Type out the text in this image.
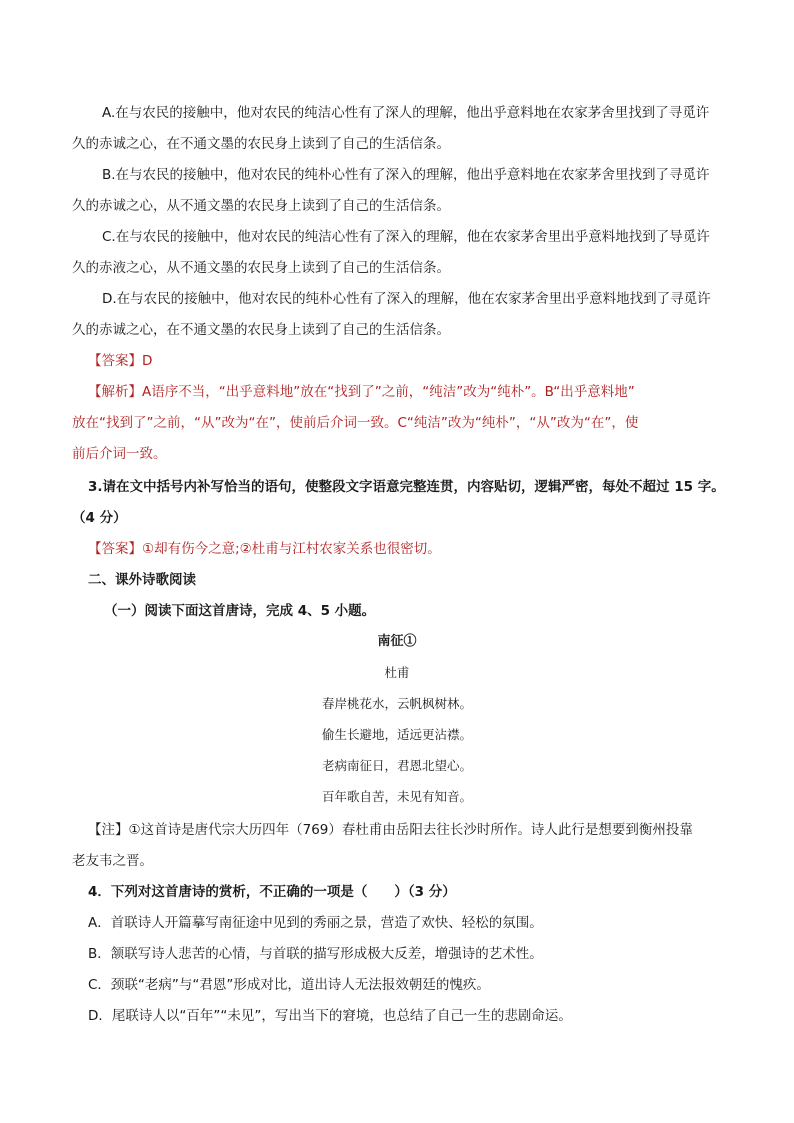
A.在与农民的接触中，他对农民的纯洁心性有了深人的理解，他出乎意料地在农家茅舍里找到了寻觅许
久的赤诚之心，在不通文墨的农民身上读到了自己的生活信条。
B.在与农民的接触中，他对农民的纯朴心性有了深入的理解，他出乎意料地在农家茅舍里找到了寻觅许
久的赤诚之心，从不通文墨的农民身上读到了自己的生活信条。
C.在与农民的接触中，他对农民的纯洁心性有了深入的理解，他在农家茅舍里出乎意料地找到了导觅许
久的赤液之心，从不通文墨的农民身上读到了自己的生活信条。
D.在与农民的接触中，他对农民的纯朴心性有了深入的理解，他在农家茅舍里出乎意料地找到了寻觅许
久的赤诚之心，在不通文墨的农民身上读到了自己的生活信条。
【答案】D
【解析】A语序不当，“出乎意料地”放在“找到了”之前，“纯洁”改为“纯朴”。B“出乎意料地”
放在“找到了”之前，“从”改为“在”，使前后介词一致。C“纯洁”改为“纯朴”，“从”改为“在”，使
前后介词一致。
3.请在文中括号内补写恰当的语句，使整段文字语意完整连贯，内容贴切，逻辑严密，每处不超过 15 字。
（4 分）
【答案】①却有伤今之意;②杜甫与江村农家关系也很密切。
二、课外诗歌阅读
（一）阅读下面这首唐诗，完成 4、5 小题。
南征①
杜甫
春岸桃花水，云帆枫树林。
偷生长避地，适远更沾襟。
老病南征日，君恩北望心。
百年歌自苦，未见有知音。
【注】①这首诗是唐代宗大历四年（769）春杜甫由岳阳去往长沙时所作。诗人此行是想要到衡州投靠
老友韦之晋。
4．下列对这首唐诗的赏析，不正确的一项是（　　）（3 分）
A．首联诗人开篇摹写南征途中见到的秀丽之景，营造了欢快、轻松的氛围。
B．颔联写诗人悲苦的心情，与首联的描写形成极大反差，增强诗的艺术性。
C．颈联“老病”与“君恩”形成对比，道出诗人无法报效朝廷的愧疚。
D．尾联诗人以“百年”“未见”，写出当下的窘境，也总结了自己一生的悲剧命运。
